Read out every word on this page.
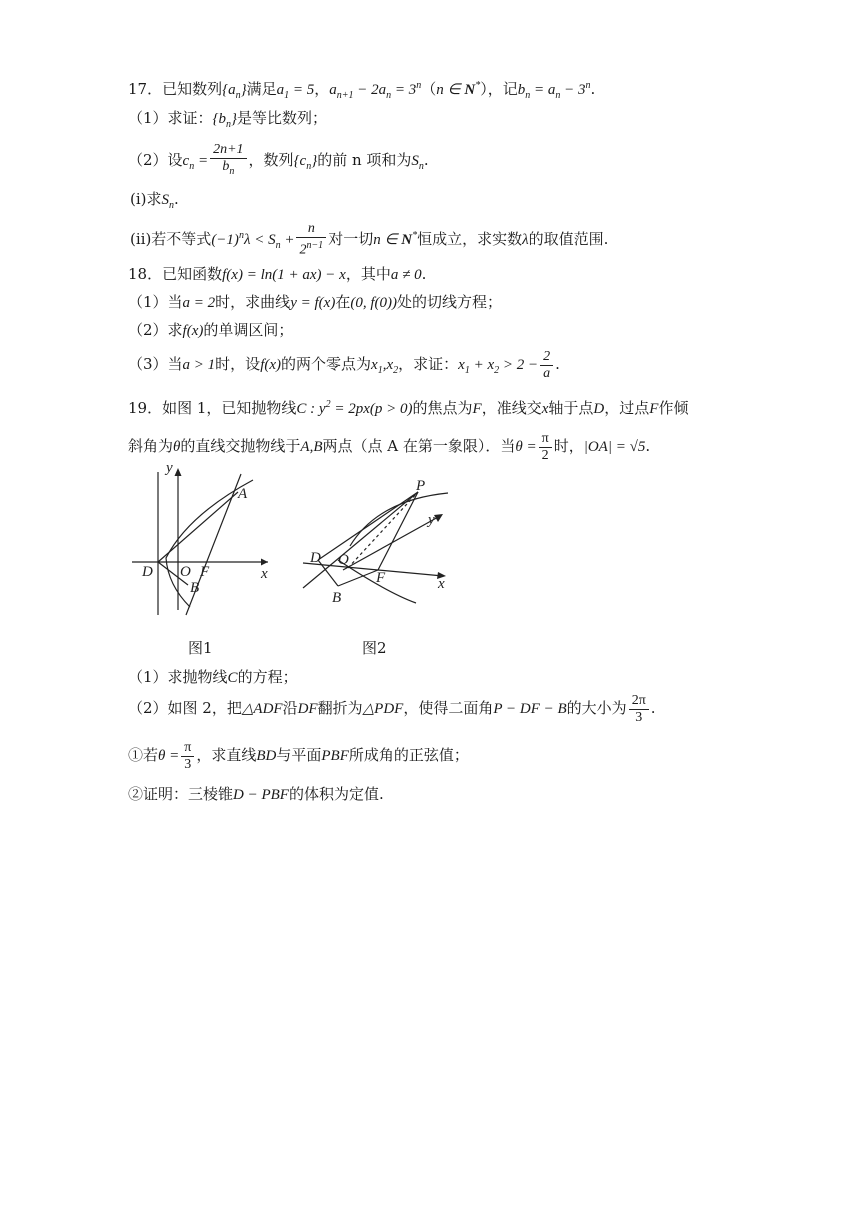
17．已知数列$\{a_n\}$满足$a_1 = 5$，$a_{n+1} - 2a_n = 3^n(n$ ∈ N*），记$b_n = a_n - 3^n$.
（1）求证：$\{b_n\}$是等比数列；
（2）设$c_n = \frac{2n+1}{b_n}$ ，数列$\{c_n\}$的前 n 项和为$S_n$.
(ⅰ)求$S_n$.
(ⅱ)若不等式$(-1)^n\lambda < S_n + \frac{n}{2^{n-1}}$ 对一切n ∈ N*恒成立，求实数λ的取值范围.
18．已知函数f(x) = ln(1 + ax) − x，其中a ≠ 0.
（1）当a = 2时，求曲线y = f(x)在(0, f(0))处的切线方程；
（2）求f(x)的单调区间；
（3）当a > 1时，设f(x)的两个零点为$x_1,x_2$，求证：$x_1 + x_2 > 2 - \frac{2}{a}$ .
19．如图 1，已知抛物线C : $y^2 = 2px(p > 0)$的焦点为F，准线交x轴于点D，过点F作倾
斜角为θ的直线交抛物线于A,B两点（点 A 在第一象限）．当$\theta = \frac{\pi}{2}$ 时，|OA| = √5.
y
x
A
D O F
B
图1
P
y
D O
F	x
B
图2
（1）求抛物线C的方程；
（2）如图 2，把△ADF沿DF翻折为△PDF，使得二面角P − DF − B的大小为 $\frac{2\pi}{3}$ .
①若$\theta = \frac{\pi}{3}$ ，求直线BD与平面PBF所成角的正弦值；
②证明：三棱锥D − PBF的体积为定值.
